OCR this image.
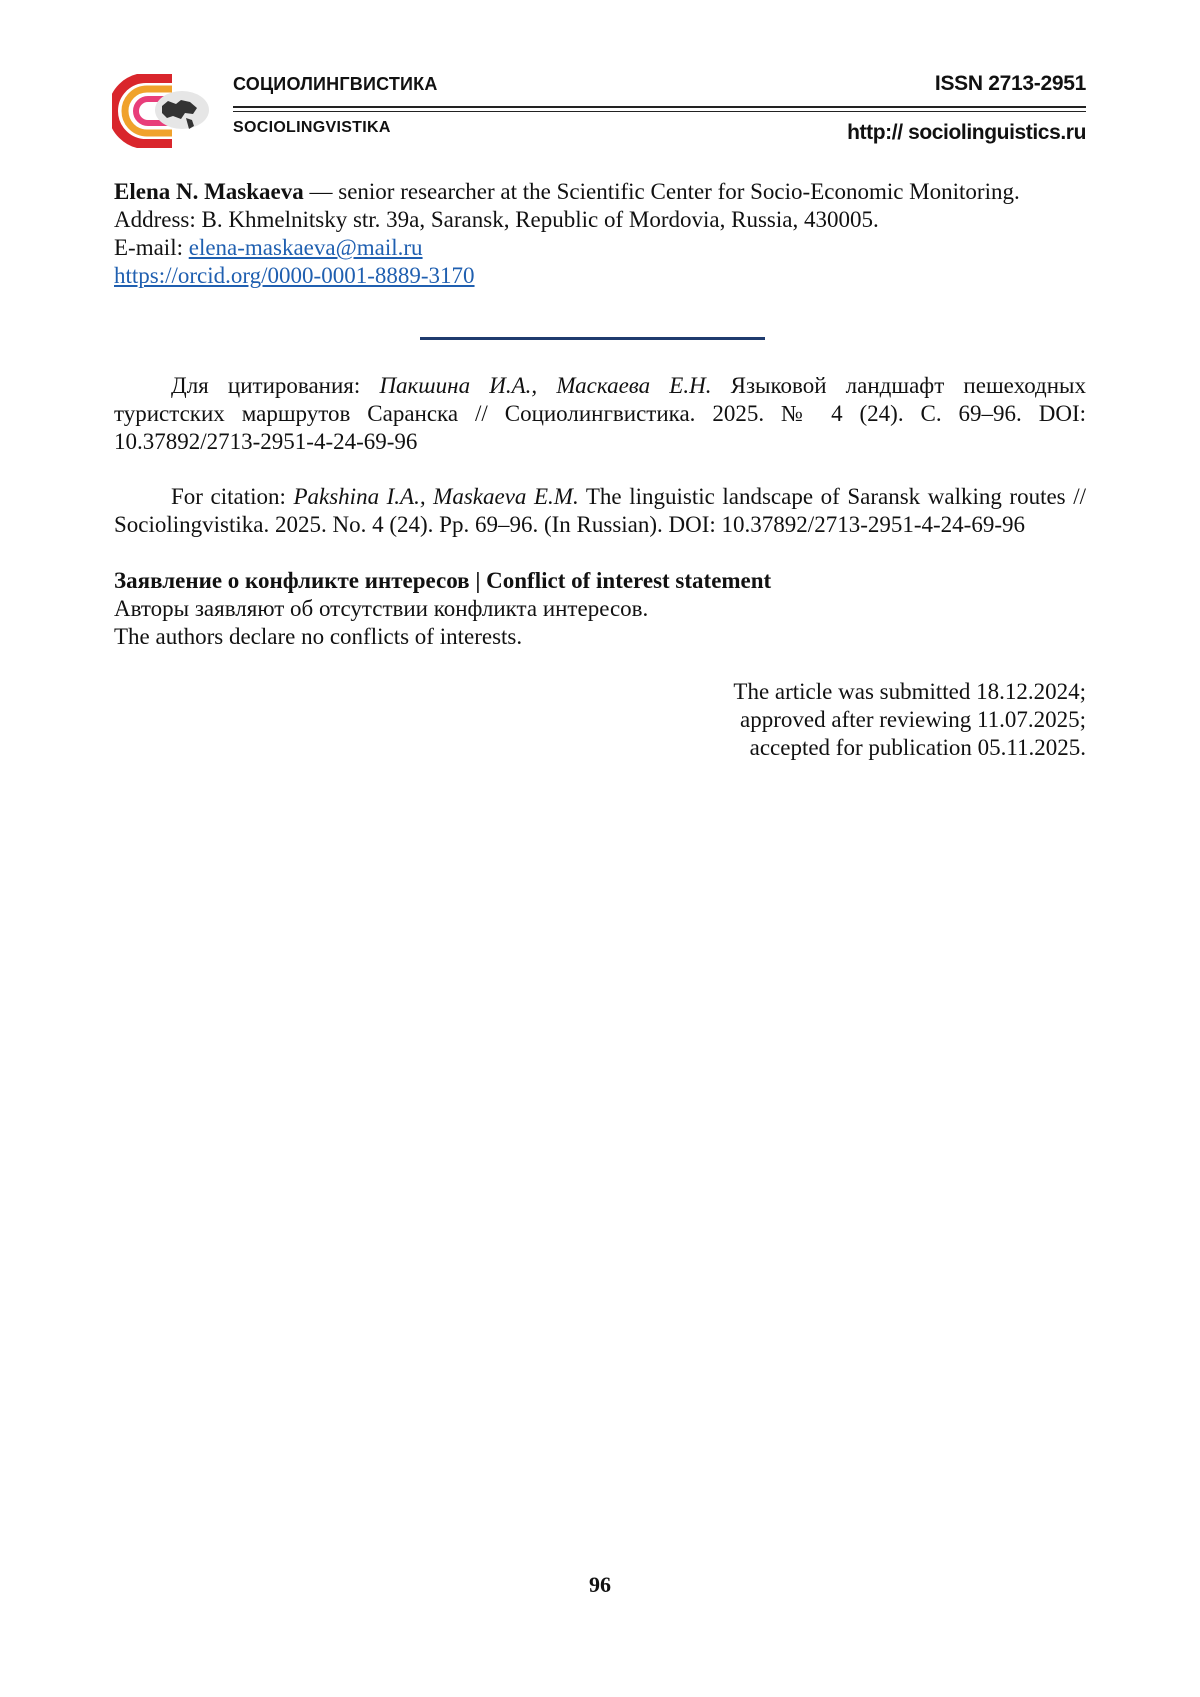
СОЦИОЛИНГВИСТИКА
SOCIOLINGVISTIKA
ISSN 2713-2951
http:// sociolinguistics.ru
Elena N. Maskaeva — senior researcher at the Scientific Center for Socio-Economic Monitoring.
Address: B. Khmelnitsky str. 39a, Saransk, Republic of Mordovia, Russia, 430005.
E-mail: elena-maskaeva@mail.ru
https://orcid.org/0000-0001-8889-3170
Для цитирования: Пакшина И.А., Маскаева Е.Н. Языковой ландшафт пешеходных туристских маршрутов Саранска // Социолингвистика. 2025. № 4 (24). С. 69–96. DOI: 10.37892/2713-2951-4-24-69-96
For citation: Pakshina I.A., Maskaeva E.M. The linguistic landscape of Saransk walking routes // Sociolingvistika. 2025. No. 4 (24). Pp. 69–96. (In Russian). DOI: 10.37892/2713-2951-4-24-69-96
Заявление о конфликте интересов | Conflict of interest statement
Авторы заявляют об отсутствии конфликта интересов.
The authors declare no conflicts of interests.
The article was submitted 18.12.2024;
approved after reviewing 11.07.2025;
accepted for publication 05.11.2025.
96
